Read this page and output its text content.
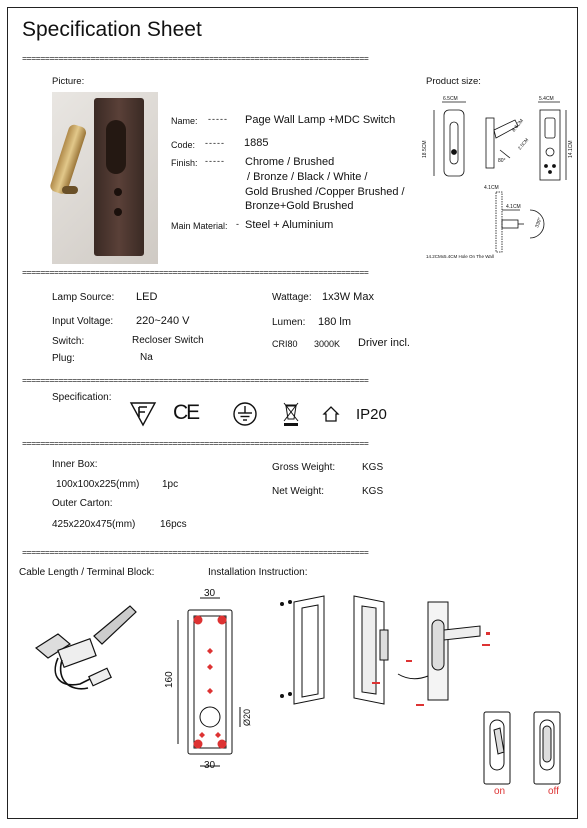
Specification Sheet
============================================================================
============================================================================
============================================================================
============================================================================
============================================================================
Picture:
Name: ----- Page Wall Lamp +MDC Switch
Code: ----- 1885
Finish: ----- Chrome / Brushed
/ Bronze / Black / White /
Gold Brushed /Copper Brushed /
Bronze+Gold Brushed
Main Material: - Steel + Aluminium
Product size:
6.5CM	5.4CM
18.5CM	14.1CM
8.6CM
2.5CM
80°
4.1CM
4.1CM
330°
14.2CMx5.4CM Hole On The Wall
Lamp Source: LED	Wattage: 1x3W Max
Input Voltage: 220~240 V	Lumen: 180 lm
Switch:	Recloser Switch	CRI80 3000K Driver incl.
Plug:	Na
Specification:
CE	IP20
Inner Box:
100x100x225(mm) 1pc
Gross Weight:	KGS
Outer Carton:
Net Weight:	KGS
425x220x475(mm) 16pcs
Cable Length / Terminal Block:	Installation Instruction:
30
160
30
Ø20
on	off
